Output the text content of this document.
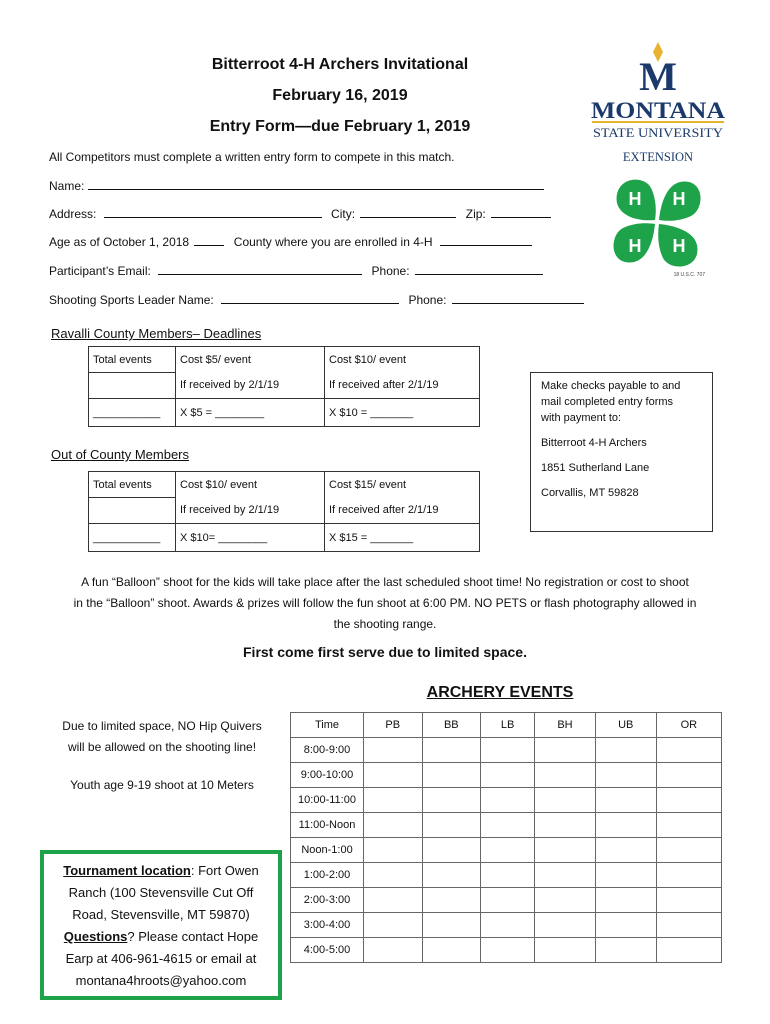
Bitterroot 4-H Archers Invitational
February 16, 2019
Entry Form—due February 1, 2019
M
MONTANA
STATE UNIVERSITY
EXTENSION
H H
H H
18 U.S.C. 707
All Competitors must complete a written entry form to compete in this match.
Name:
Address:	City:	Zip:
Age as of October 1, 2018	County where you are enrolled in 4-H
Participant’s Email:	Phone:
Shooting Sports Leader Name:	Phone:
Ravalli County Members– Deadlines
Total events	Cost $5/ event	Cost $10/ event
	If received by 2/1/19	If received after 2/1/19
___________	X $5 = ________	X $10 = _______
Make checks payable to and
mail completed entry forms
with payment to:
Bitterroot 4-H Archers
1851 Sutherland Lane
Corvallis, MT 59828
Out of County Members
Total events	Cost $10/ event	Cost $15/ event
	If received by 2/1/19	If received after 2/1/19
___________	X $10= ________	X $15 = _______
A fun “Balloon” shoot for the kids will take place after the last scheduled shoot time! No registration or cost to shoot
in the “Balloon” shoot. Awards & prizes will follow the fun shoot at 6:00 PM. NO PETS or flash photography allowed in
the shooting range.
First come first serve due to limited space.
ARCHERY EVENTS
Time	PB	BB	LB	BH	UB	OR
8:00-9:00						
9:00-10:00						
10:00-11:00						
11:00-Noon						
Noon-1:00						
1:00-2:00						
2:00-3:00						
3:00-4:00						
4:00-5:00						
Due to limited space, NO Hip Quivers
will be allowed on the shooting line!
Youth age 9-19 shoot at 10 Meters
Tournament location: Fort Owen
Ranch (100 Stevensville Cut Off
Road, Stevensville, MT 59870)
Questions? Please contact Hope
Earp at 406-961-4615 or email at
montana4hroots@yahoo.com
